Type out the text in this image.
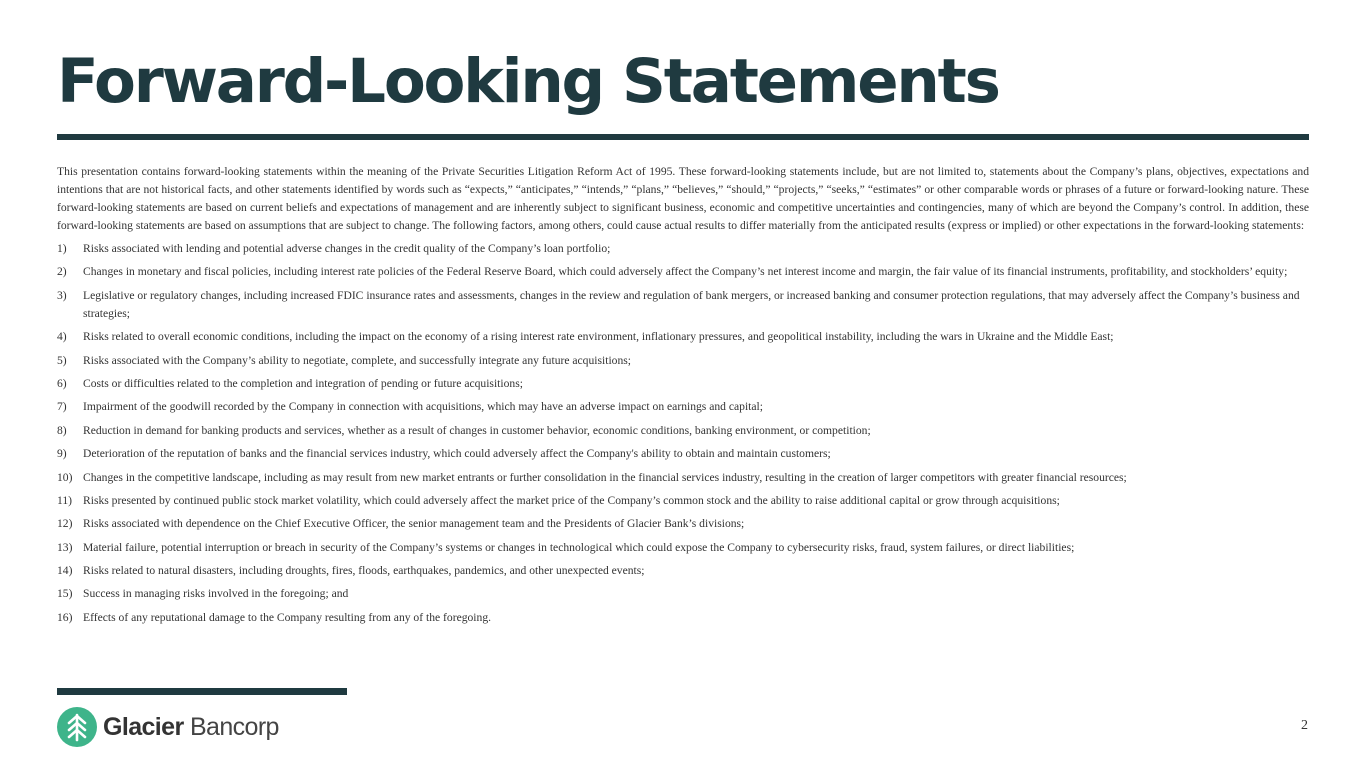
Forward-Looking Statements

This presentation contains forward-looking statements within the meaning of the Private Securities Litigation Reform Act of 1995. These forward-looking statements include, but are not limited to, statements about the Company’s plans, objectives, expectations and intentions that are not historical facts, and other statements identified by words such as “expects,” “anticipates,” “intends,” “plans,” “believes,” “should,” “projects,” “seeks,” “estimates” or other comparable words or phrases of a future or forward-looking nature. These forward-looking statements are based on current beliefs and expectations of management and are inherently subject to significant business, economic and competitive uncertainties and contingencies, many of which are beyond the Company’s control. In addition, these forward-looking statements are based on assumptions that are subject to change. The following factors, among others, could cause actual results to differ materially from the anticipated results (express or implied) or other expectations in the forward-looking statements:

1) Risks associated with lending and potential adverse changes in the credit quality of the Company’s loan portfolio;
2) Changes in monetary and fiscal policies, including interest rate policies of the Federal Reserve Board, which could adversely affect the Company’s net interest income and margin, the fair value of its financial instruments, profitability, and stockholders’ equity;
3) Legislative or regulatory changes, including increased FDIC insurance rates and assessments, changes in the review and regulation of bank mergers, or increased banking and consumer protection regulations, that may adversely affect the Company’s business and strategies;
4) Risks related to overall economic conditions, including the impact on the economy of a rising interest rate environment, inflationary pressures, and geopolitical instability, including the wars in Ukraine and the Middle East;
5) Risks associated with the Company’s ability to negotiate, complete, and successfully integrate any future acquisitions;
6) Costs or difficulties related to the completion and integration of pending or future acquisitions;
7) Impairment of the goodwill recorded by the Company in connection with acquisitions, which may have an adverse impact on earnings and capital;
8) Reduction in demand for banking products and services, whether as a result of changes in customer behavior, economic conditions, banking environment, or competition;
9) Deterioration of the reputation of banks and the financial services industry, which could adversely affect the Company's ability to obtain and maintain customers;
10) Changes in the competitive landscape, including as may result from new market entrants or further consolidation in the financial services industry, resulting in the creation of larger competitors with greater financial resources;
11) Risks presented by continued public stock market volatility, which could adversely affect the market price of the Company’s common stock and the ability to raise additional capital or grow through acquisitions;
12) Risks associated with dependence on the Chief Executive Officer, the senior management team and the Presidents of Glacier Bank’s divisions;
13) Material failure, potential interruption or breach in security of the Company’s systems or changes in technological which could expose the Company to cybersecurity risks, fraud, system failures, or direct liabilities;
14) Risks related to natural disasters, including droughts, fires, floods, earthquakes, pandemics, and other unexpected events;
15) Success in managing risks involved in the foregoing; and
16) Effects of any reputational damage to the Company resulting from any of the foregoing.
Glacier Bancorp	2
